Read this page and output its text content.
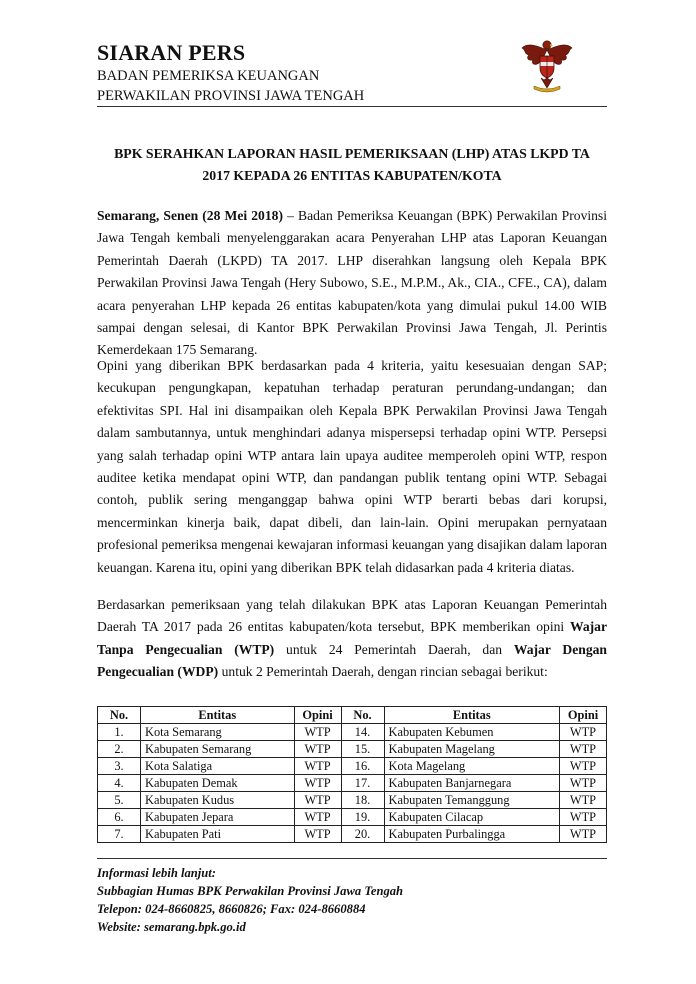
SIARAN PERS
BADAN PEMERIKSA KEUANGAN
PERWAKILAN PROVINSI JAWA TENGAH
BPK SERAHKAN LAPORAN HASIL PEMERIKSAAN (LHP) ATAS LKPD TA
2017 KEPADA 26 ENTITAS KABUPATEN/KOTA

Semarang, Senen (28 Mei 2018) – Badan Pemeriksa Keuangan (BPK) Perwakilan Provinsi Jawa Tengah kembali menyelenggarakan acara Penyerahan LHP atas Laporan Keuangan Pemerintah Daerah (LKPD) TA 2017. LHP diserahkan langsung oleh Kepala BPK Perwakilan Provinsi Jawa Tengah (Hery Subowo, S.E., M.P.M., Ak., CIA., CFE., CA), dalam acara penyerahan LHP kepada 26 entitas kabupaten/kota yang dimulai pukul 14.00 WIB sampai dengan selesai, di Kantor BPK Perwakilan Provinsi Jawa Tengah, Jl. Perintis Kemerdekaan 175 Semarang.

Opini yang diberikan BPK berdasarkan pada 4 kriteria, yaitu kesesuaian dengan SAP; kecukupan pengungkapan, kepatuhan terhadap peraturan perundang-undangan; dan efektivitas SPI. Hal ini disampaikan oleh Kepala BPK Perwakilan Provinsi Jawa Tengah dalam sambutannya, untuk menghindari adanya mispersepsi terhadap opini WTP. Persepsi yang salah terhadap opini WTP antara lain upaya auditee memperoleh opini WTP, respon auditee ketika mendapat opini WTP, dan pandangan publik tentang opini WTP. Sebagai contoh, publik sering menganggap bahwa opini WTP berarti bebas dari korupsi, mencerminkan kinerja baik, dapat dibeli, dan lain-lain. Opini merupakan pernyataan profesional pemeriksa mengenai kewajaran informasi keuangan yang disajikan dalam laporan keuangan. Karena itu, opini yang diberikan BPK telah didasarkan pada 4 kriteria diatas.

Berdasarkan pemeriksaan yang telah dilakukan BPK atas Laporan Keuangan Pemerintah Daerah TA 2017 pada 26 entitas kabupaten/kota tersebut, BPK memberikan opini Wajar Tanpa Pengecualian (WTP) untuk 24 Pemerintah Daerah, dan Wajar Dengan Pengecualian (WDP) untuk 2 Pemerintah Daerah, dengan rincian sebagai berikut:

No.	Entitas	Opini	No.	Entitas	Opini
1.	Kota Semarang	WTP	14.	Kabupaten Kebumen	WTP
2.	Kabupaten Semarang	WTP	15.	Kabupaten Magelang	WTP
3.	Kota Salatiga	WTP	16.	Kota Magelang	WTP
4.	Kabupaten Demak	WTP	17.	Kabupaten Banjarnegara	WTP
5.	Kabupaten Kudus	WTP	18.	Kabupaten Temanggung	WTP
6.	Kabupaten Jepara	WTP	19.	Kabupaten Cilacap	WTP
7.	Kabupaten Pati	WTP	20.	Kabupaten Purbalingga	WTP
Informasi lebih lanjut:
Subbagian Humas BPK Perwakilan Provinsi Jawa Tengah
Telepon: 024-8660825, 8660826; Fax: 024-8660884
Website: semarang.bpk.go.id
